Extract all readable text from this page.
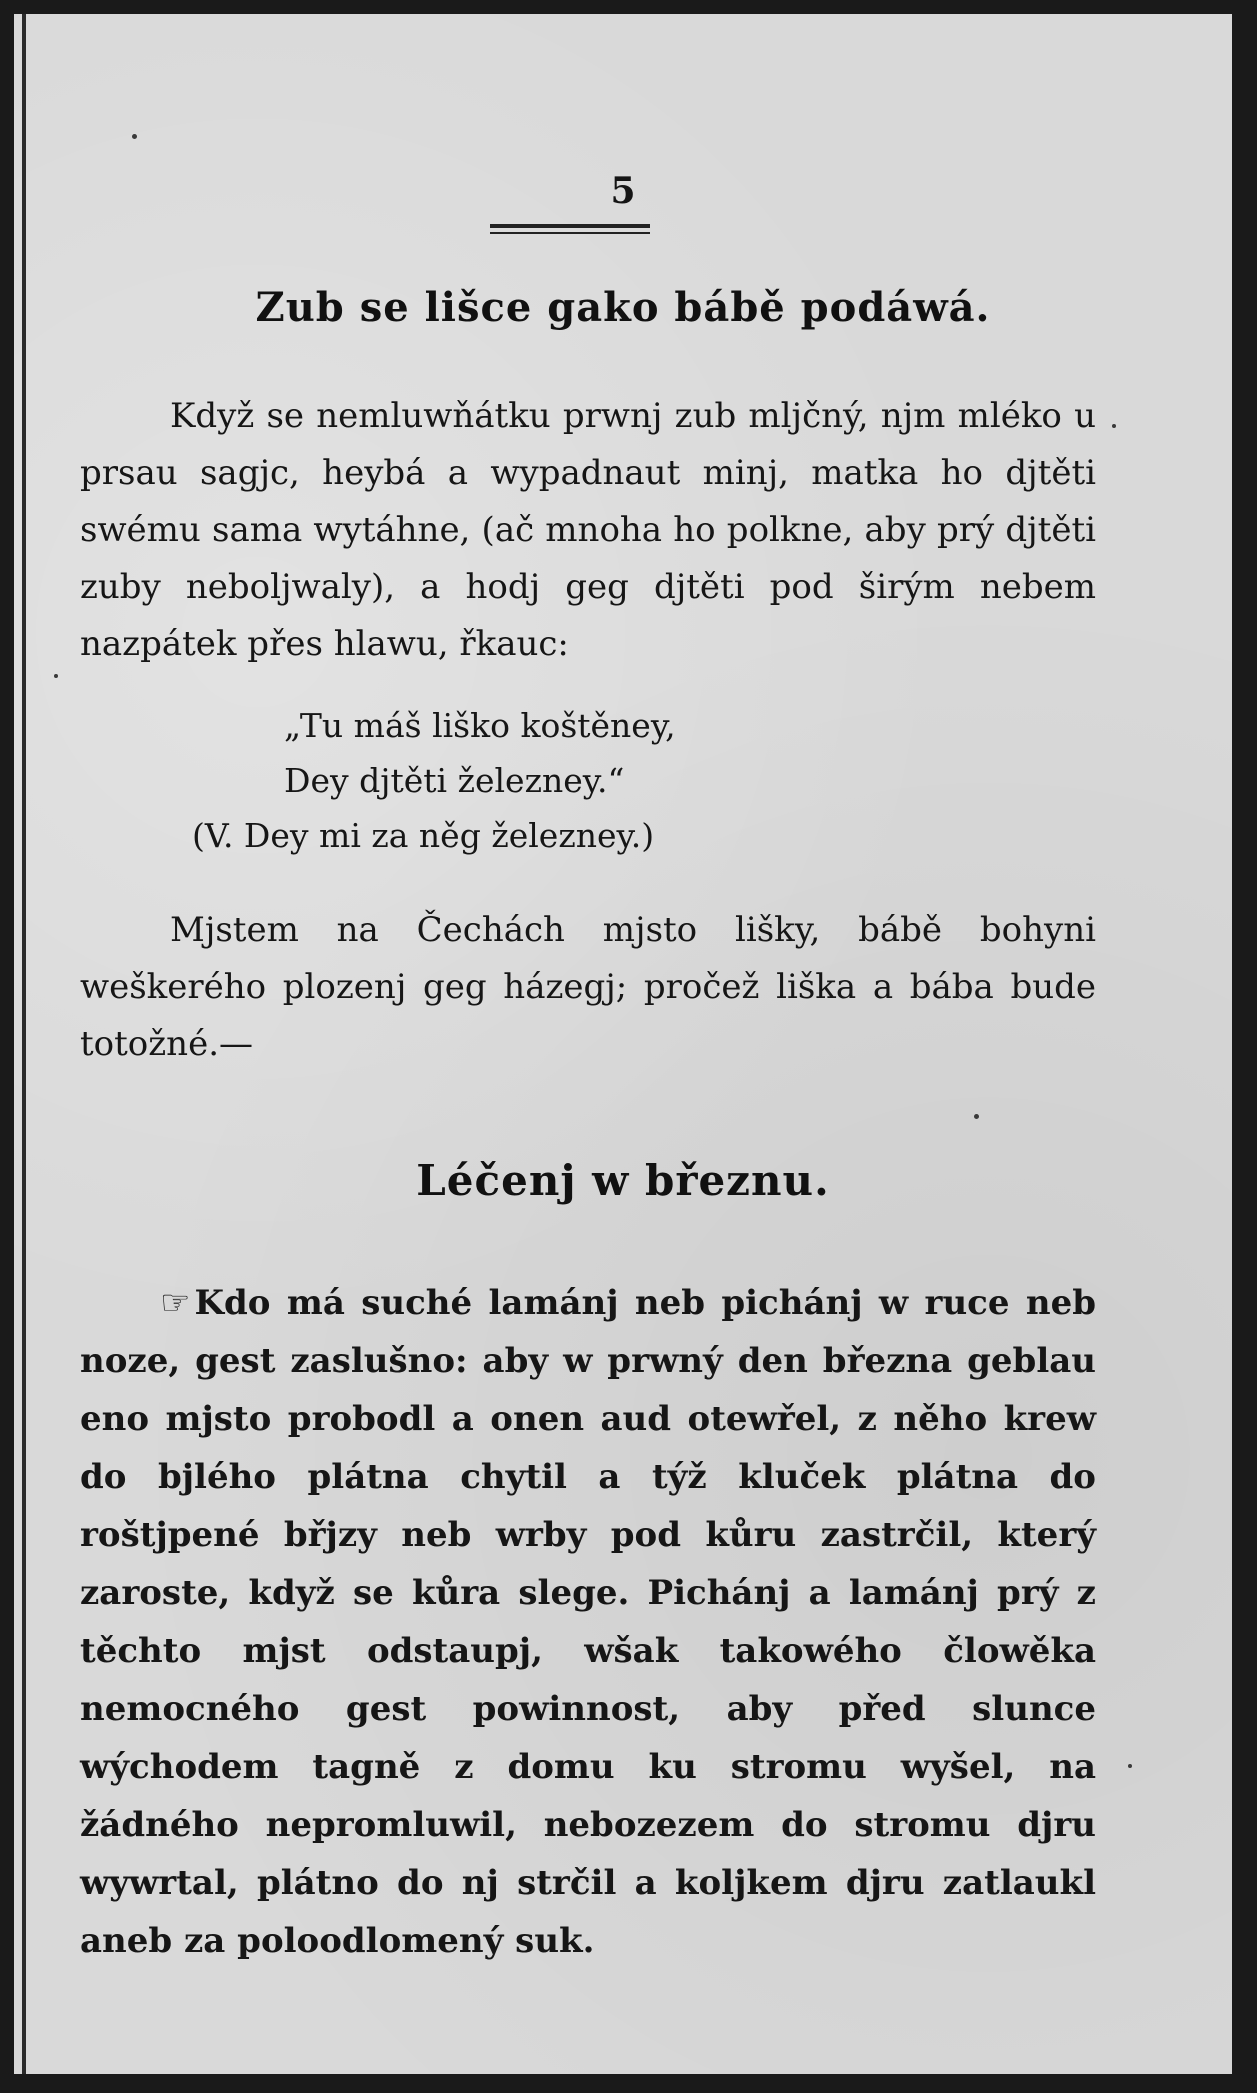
5
Zub se lišce gako bábě podáwá.

Když se nemluwňátku prwnj zub mljčný, njm mléko u prsau sagjc, heybá a wypadnaut minj, matka ho djtěti swému sama wytáhne, (ač mnoha ho polkne, aby prý djtěti zuby neboljwaly), a hodj geg djtěti pod širým nebem nazpátek přes hlawu, řkauc:

„Tu máš liško koštěney,
Dey djtěti železney.“
(V. Dey mi za něg železney.)

Mjstem na Čechách mjsto lišky, bábě bohyni weškerého plozenj geg házegj; pročež liška a bába bude totožné.—

Léčenj w březnu.

☞ Kdo má suché lamánj neb pichánj w ruce neb noze, gest zaslušno: aby w prwný den března geblau eno mjsto probodl a onen aud otewřel, z něho krew do bjlého plátna chytil a týž kluček plátna do roštjpené břjzy neb wrby pod kůru zastrčil, který zaroste, když se kůra slege. Pichánj a lamánj prý z těchto mjst odstaupj, wšak takowého člowěka nemocného gest powinnost, aby před slunce wýchodem tagně z domu ku stromu wyšel, na žádného nepromluwil, nebozezem do stromu djru wywrtal, plátno do nj strčil a koljkem djru zatlaukl aneb za poloodlomený suk.
